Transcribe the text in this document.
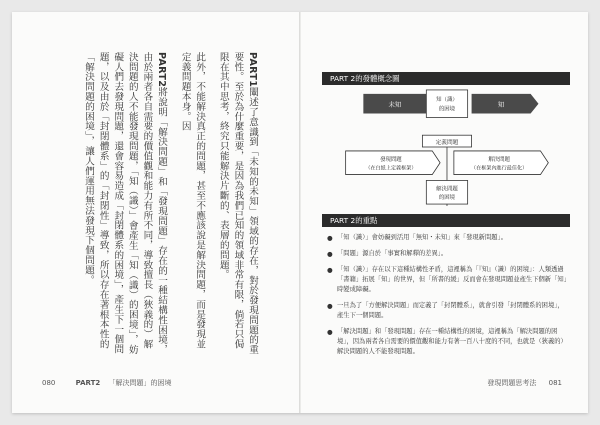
PART1闡述了意識到「未知的未知」領域的存在，對於發現問題的重要性。至於為什麼重要，是因為我們已知的領域非常有限，倘若只侷限在其中思考，終究只能解決片斷的、表層的問題。

此外，不能解決真正的問題，甚至不應該說是解決問題，而是發現並定義問題本身。因

PART2將說明「解決問題」和「發現問題」存在的一種結構性困境，由於兩者各自需要的價值觀和能力有所不同，導致擅長（狹義的）解決問題的人不能發現問題，「知（識）」會產生「知（識）的困境」，妨礙人們去發現問題，還會容易造成「封閉體系的困境」，產生下一個問題，以及由於「封閉體系」的「封閉性」導致，所以存在著根本性的「解決問題的困境」，讓人們運用無法發現下個問題。

080	PART2 「解決問題」的困境
PART 2的發體概念圖
未知	知
知（識）
的困境
定義問題
發現問題
（在白紙上定義框架）
解決問題
（在框架內進行最佳化）
解決問題
的困境
PART 2的重點
● 「知（識）」會妨礙到活用「無知・未知」來「發現新問題」。
● 「問題」源自於「事實和解釋的差異」。
● 「知（識）」存在以下這種結構性矛盾，這裡稱為「『知』（識）的困境」：人類透過「書籍」拓展「知」的世界，但「所書的緩」反而會在發現問題並產生下個新「知」時變成障礙。
● 一旦為了「方便解決問題」而定義了「封閉體系」，就會引發「封閉體系的困境」，產生下一個問題。
● 「解決問題」和「發現問題」存在一種結構性的困境，這裡稱為「解決問題的困境」，因為兩者各自需要的價值觀和能力有著一百八十度的不同，也就是（狹義的）解決問題的人不能發現問題。
發現問題思考法 081
